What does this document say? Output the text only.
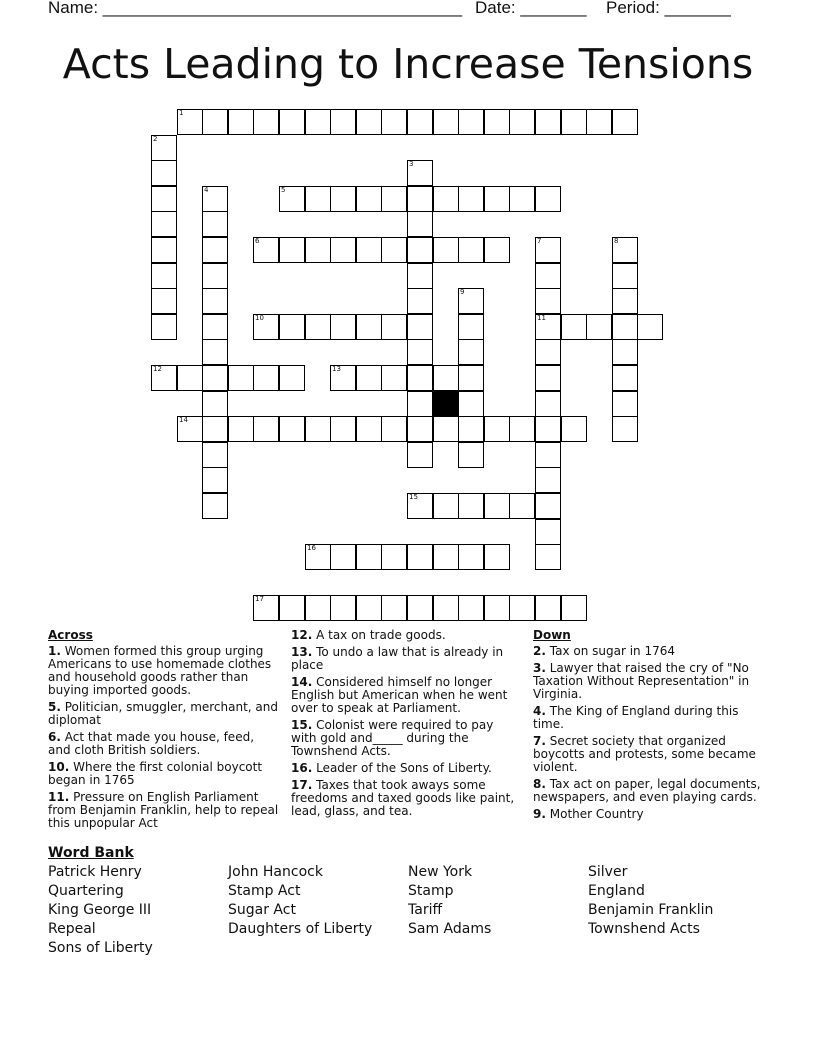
Name: ______________________________________ Date: _______ Period: _______
Acts Leading to Increase Tensions
1
2
3
4	5
6	7
11
8
9
10
12	13
14
15
16
17
Across
1. Women formed this group urging Americans to use homemade clothes and household goods rather than buying imported goods.
5. Politician, smuggler, merchant, and diplomat
6. Act that made you house, feed, and cloth British soldiers.
10. Where the first colonial boycott began in 1765
11. Pressure on English Parliament from Benjamin Franklin, help to repeal this unpopular Act
12. A tax on trade goods.
13. To undo a law that is already in place
14. Considered himself no longer English but American when he went over to speak at Parliament.
15. Colonist were required to pay with gold and_____ during the Townshend Acts.
16. Leader of the Sons of Liberty.
17. Taxes that took aways some freedoms and taxed goods like paint, lead, glass, and tea.
Down
2. Tax on sugar in 1764
3. Lawyer that raised the cry of "No Taxation Without Representation" in Virginia.
4. The King of England during this time.
7. Secret society that organized boycotts and protests, some became violent.
8. Tax act on paper, legal documents, newspapers, and even playing cards.
9. Mother Country
Word Bank
Patrick Henry
Quartering
King George III
Repeal
Sons of Liberty
John Hancock
Stamp Act
Sugar Act
Daughters of Liberty
New York
Stamp
Tariff
Sam Adams
Silver
England
Benjamin Franklin
Townshend Acts
